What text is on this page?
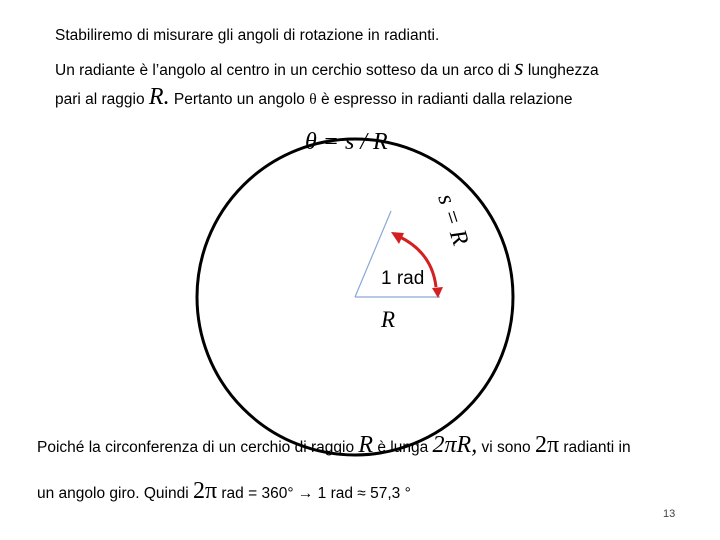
Stabiliremo di misurare gli angoli di rotazione in radianti.
Un radiante è l’angolo al centro in un cerchio sotteso da un arco di s lunghezza
pari al raggio R. Pertanto un angolo θ è espresso in radianti dalla relazione
θ = s / R
s = R
1 rad
R
Poiché la circonferenza di un cerchio di raggio R è lunga 2πR, vi sono 2π radianti in
un angolo giro. Quindi 2π rad = 360° → 1 rad ≈ 57,3 °
13
